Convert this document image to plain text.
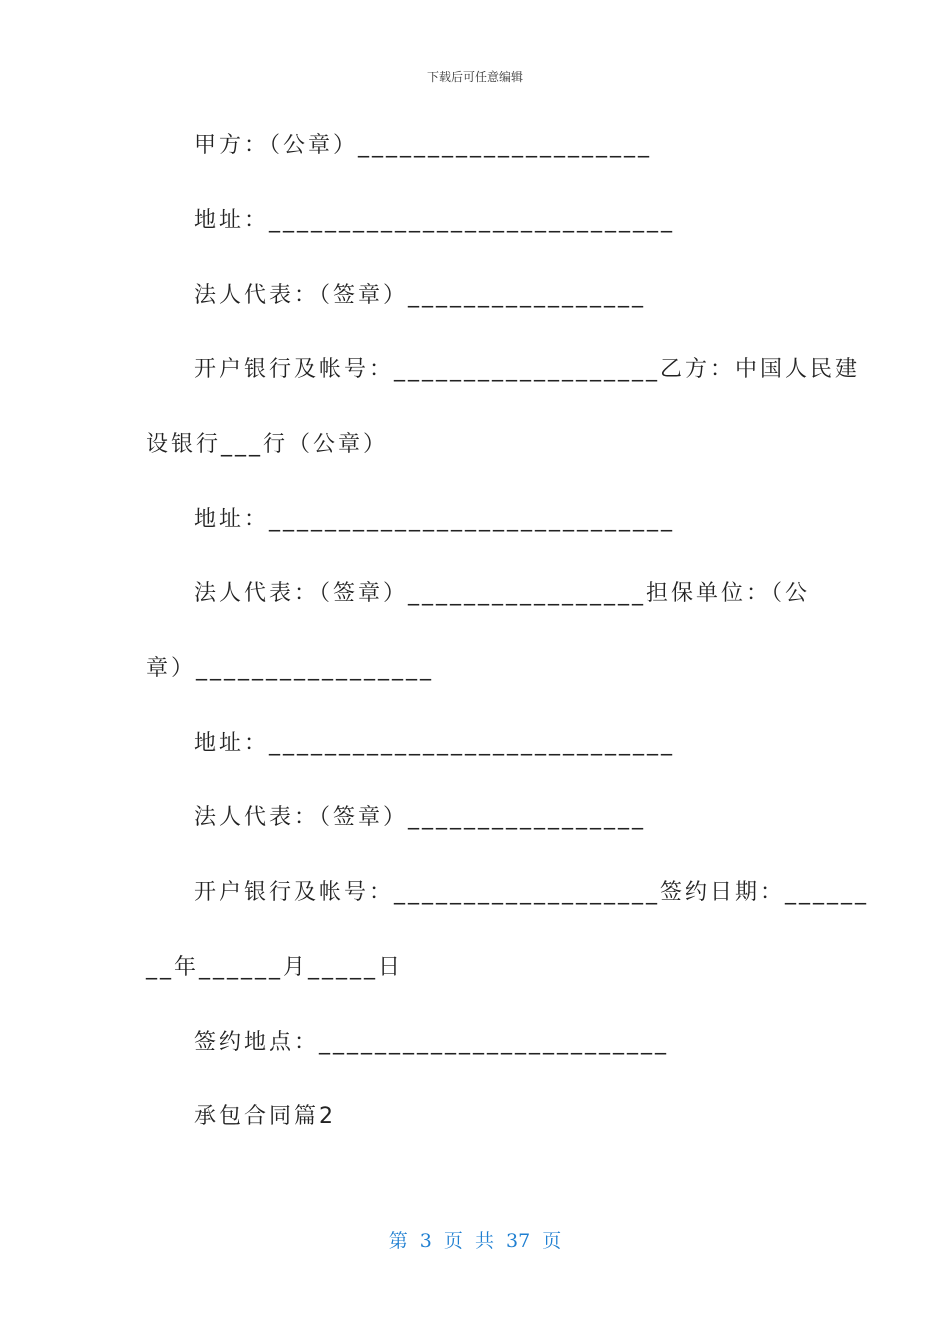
下载后可任意编辑
甲方：（公章）_____________________
地址：_____________________________
法人代表：（签章）_________________
开户银行及帐号：___________________乙方：中国人民建
设银行___行（公章）
地址：_____________________________
法人代表：（签章）_________________担保单位：（公
章）_________________
地址：_____________________________
法人代表：（签章）_________________
开户银行及帐号：___________________签约日期：______
__年______月_____日
签约地点：_________________________
承包合同篇2
第 3 页 共 37 页
